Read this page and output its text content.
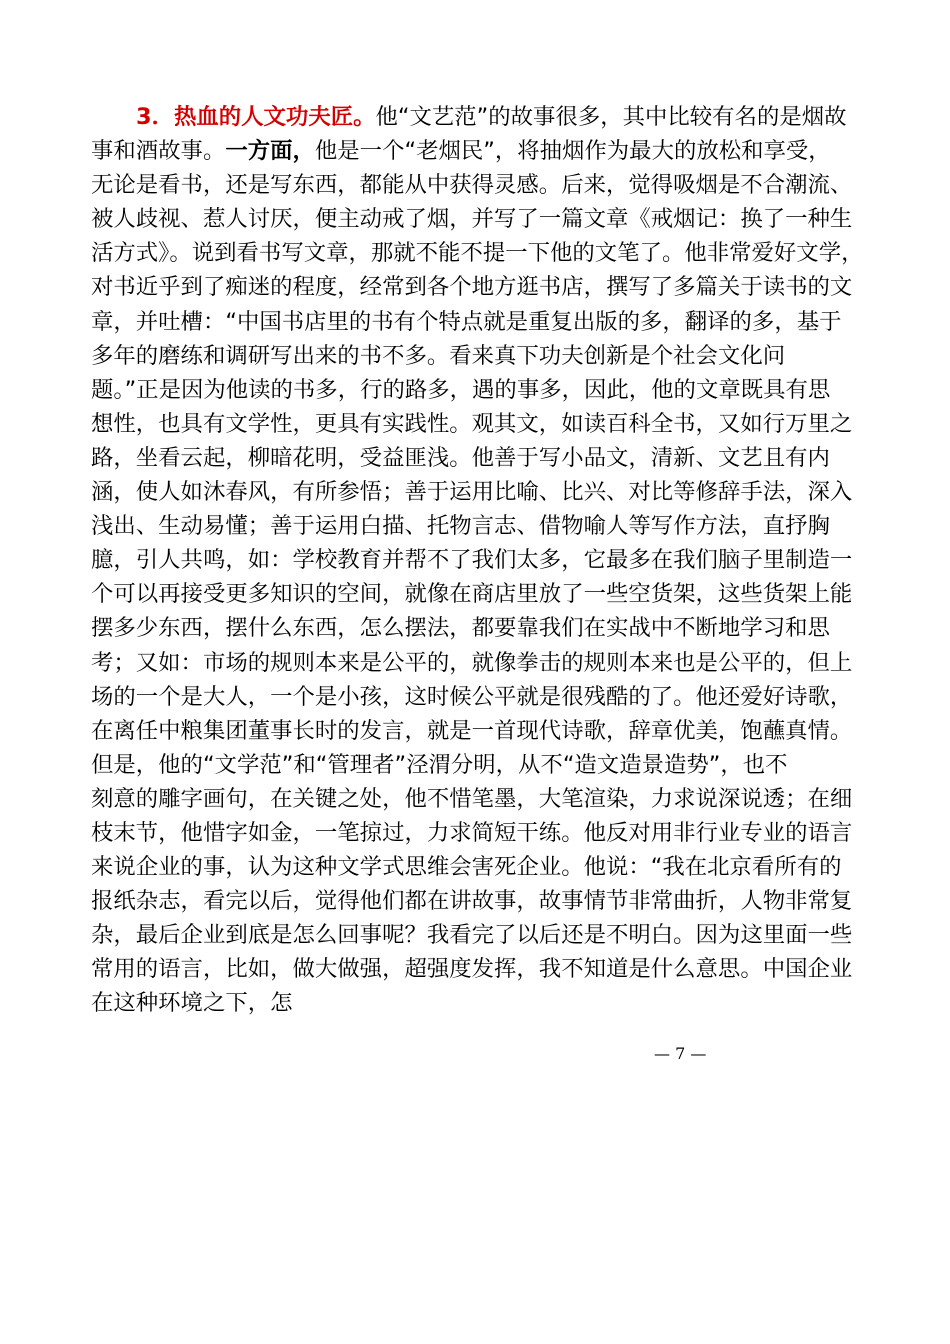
3．热血的人文功夫匠。他“文艺范”的故事很多，其中比较有名的是烟故
事和酒故事。一方面，他是一个“老烟民”，将抽烟作为最大的放松和享受，
无论是看书，还是写东西，都能从中获得灵感。后来，觉得吸烟是不合潮流、
被人歧视、惹人讨厌，便主动戒了烟，并写了一篇文章《戒烟记：换了一种生
活方式》。说到看书写文章，那就不能不提一下他的文笔了。他非常爱好文学，
对书近乎到了痴迷的程度，经常到各个地方逛书店，撰写了多篇关于读书的文
章，并吐槽：“中国书店里的书有个特点就是重复出版的多，翻译的多，基于
多年的磨练和调研写出来的书不多。看来真下功夫创新是个社会文化问
题。”正是因为他读的书多，行的路多，遇的事多，因此，他的文章既具有思
想性，也具有文学性，更具有实践性。观其文，如读百科全书，又如行万里之
路，坐看云起，柳暗花明，受益匪浅。他善于写小品文，清新、文艺且有内
涵，使人如沐春风，有所参悟；善于运用比喻、比兴、对比等修辞手法，深入
浅出、生动易懂；善于运用白描、托物言志、借物喻人等写作方法，直抒胸
臆，引人共鸣，如：学校教育并帮不了我们太多，它最多在我们脑子里制造一
个可以再接受更多知识的空间，就像在商店里放了一些空货架，这些货架上能
摆多少东西，摆什么东西，怎么摆法，都要靠我们在实战中不断地学习和思
考；又如：市场的规则本来是公平的，就像拳击的规则本来也是公平的，但上
场的一个是大人，一个是小孩，这时候公平就是很残酷的了。他还爱好诗歌，
在离任中粮集团董事长时的发言，就是一首现代诗歌，辞章优美，饱蘸真情。
但是，他的“文学范”和“管理者”泾渭分明，从不“造文造景造势”，也不
刻意的雕字画句，在关键之处，他不惜笔墨，大笔渲染，力求说深说透；在细
枝末节，他惜字如金，一笔掠过，力求简短干练。他反对用非行业专业的语言
来说企业的事，认为这种文学式思维会害死企业。他说：“我在北京看所有的
报纸杂志，看完以后，觉得他们都在讲故事，故事情节非常曲折，人物非常复
杂，最后企业到底是怎么回事呢？我看完了以后还是不明白。因为这里面一些
常用的语言，比如，做大做强，超强度发挥，我不知道是什么意思。中国企业
在这种环境之下，怎
— 7 —
